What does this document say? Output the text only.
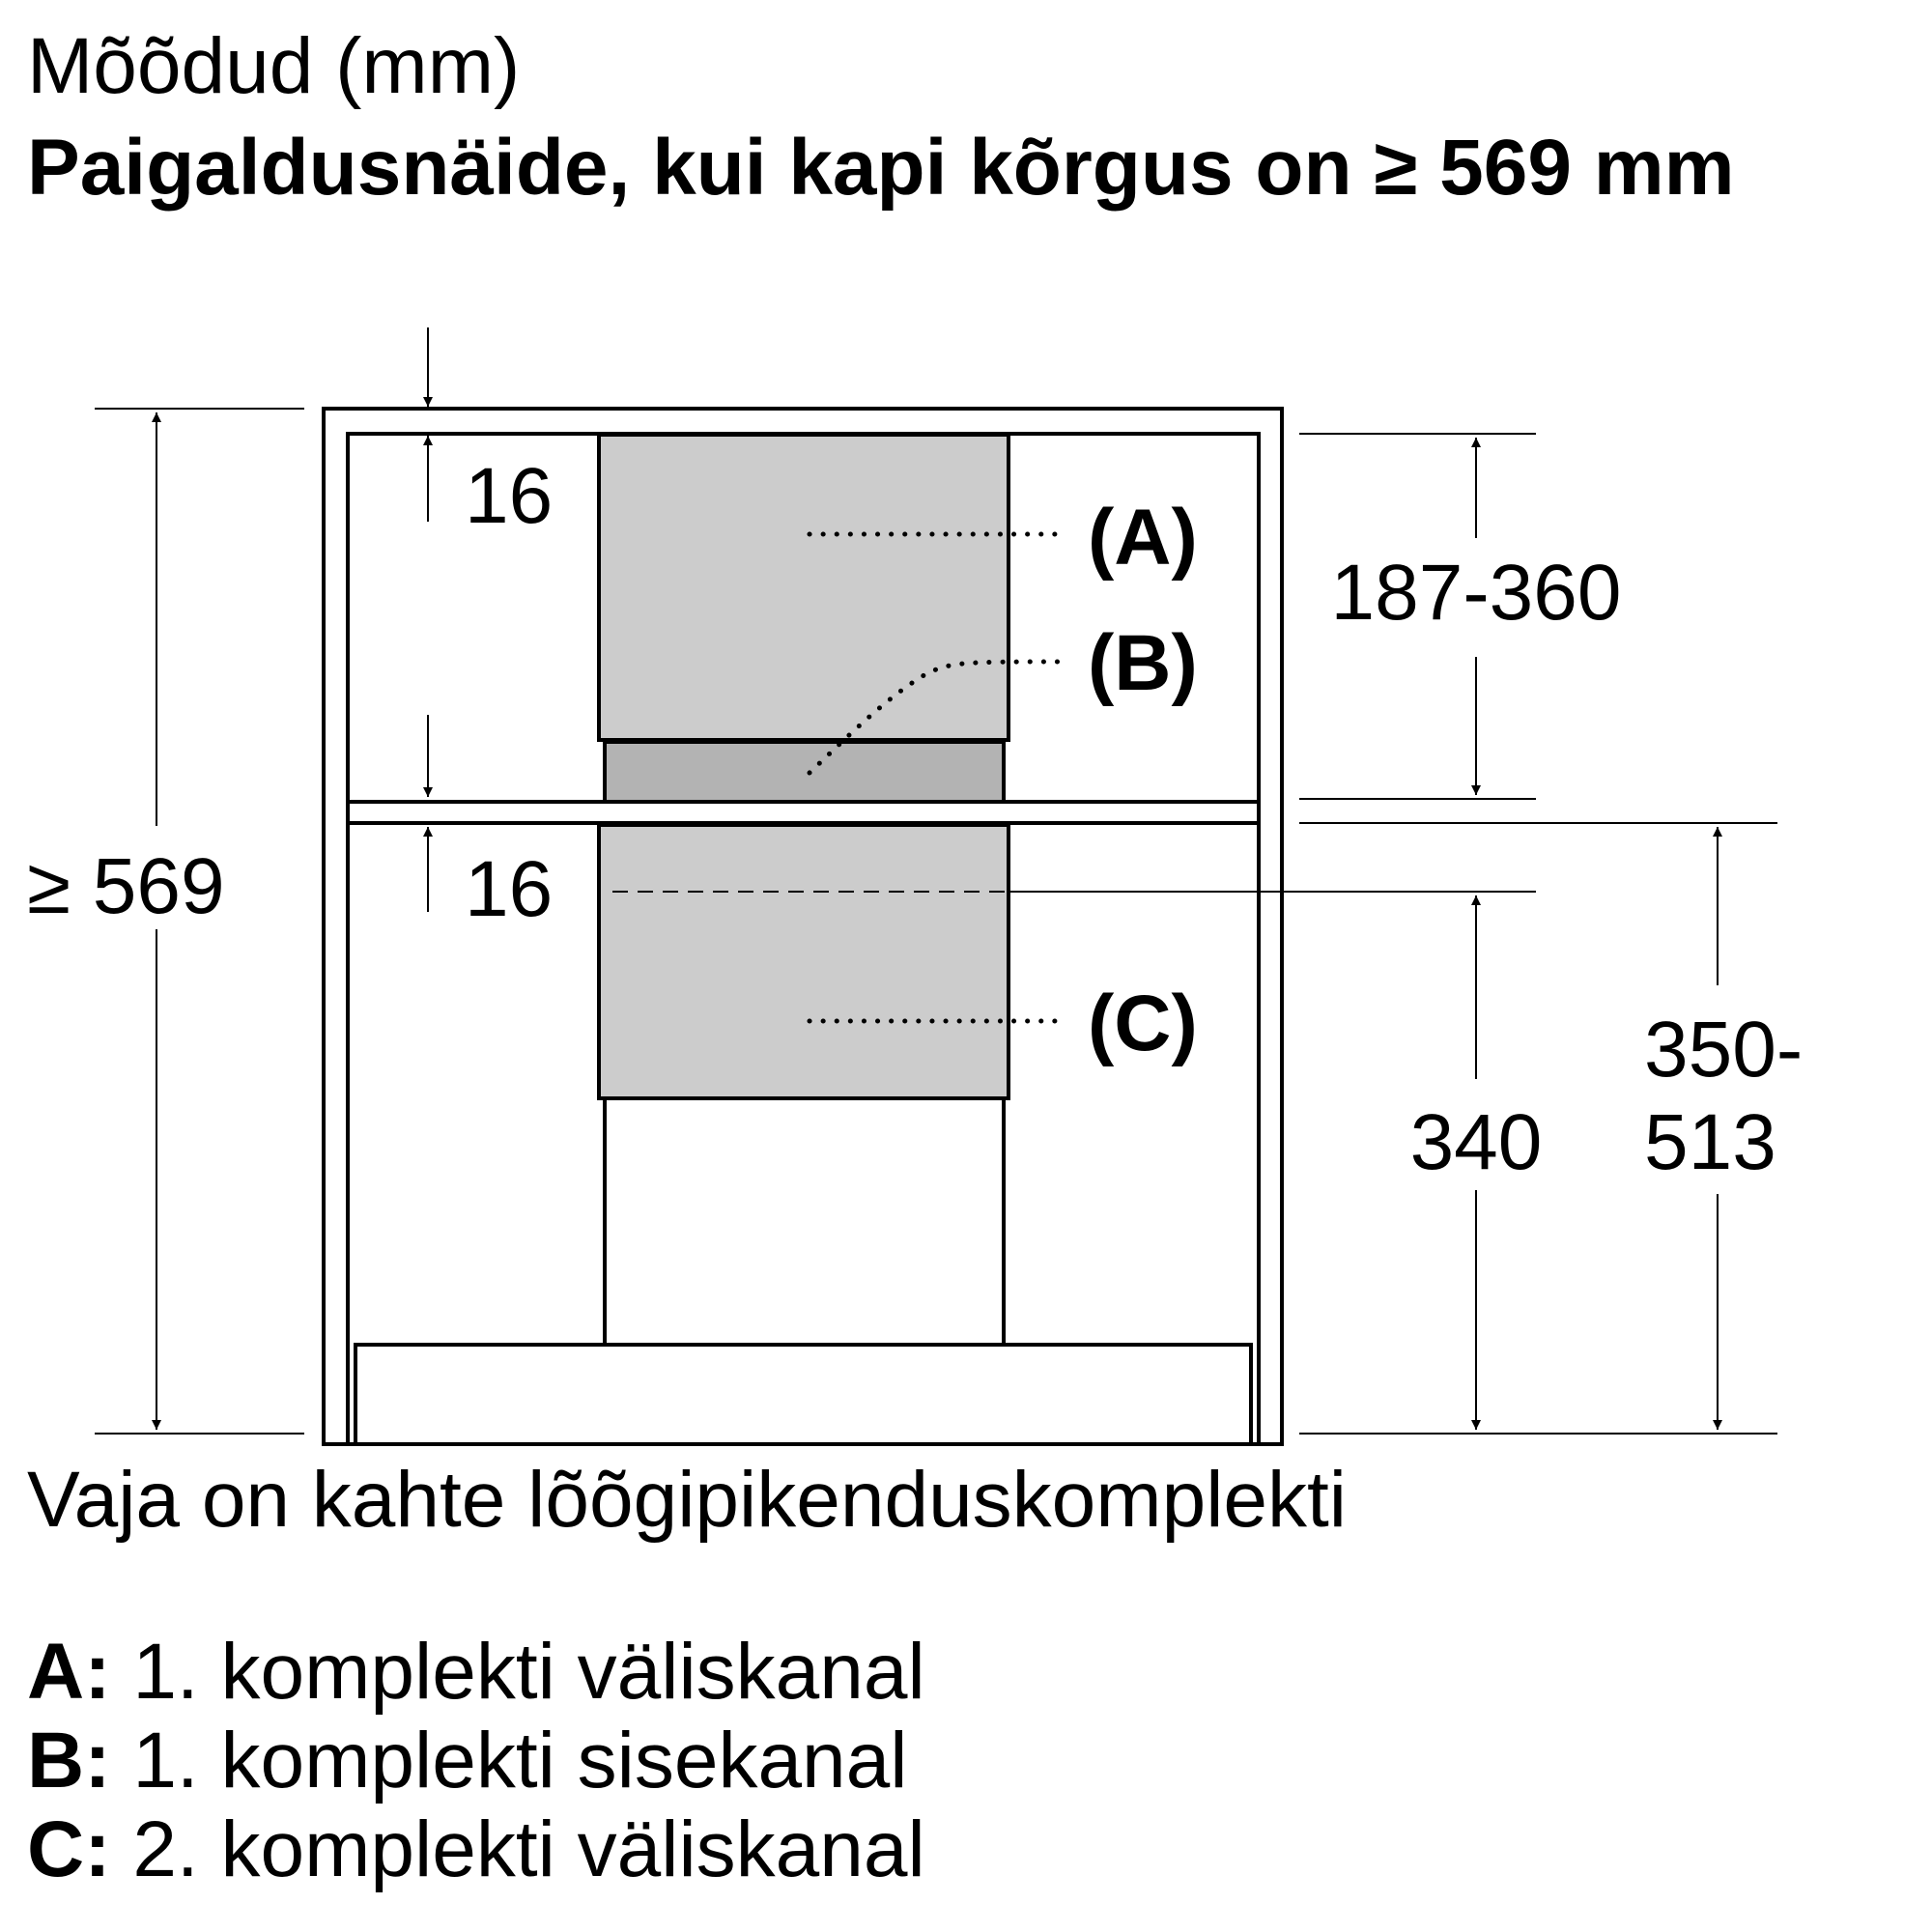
Mõõdud (mm)
Paigaldusnäide, kui kapi kõrgus on ≥ 569 mm
≥ 569
16
16
187-360
340
350-
513
(A)
(B)
(C)
Vaja on kahte lõõgipikenduskomplekti
A: 1. komplekti väliskanal
B: 1. komplekti sisekanal
C: 2. komplekti väliskanal
